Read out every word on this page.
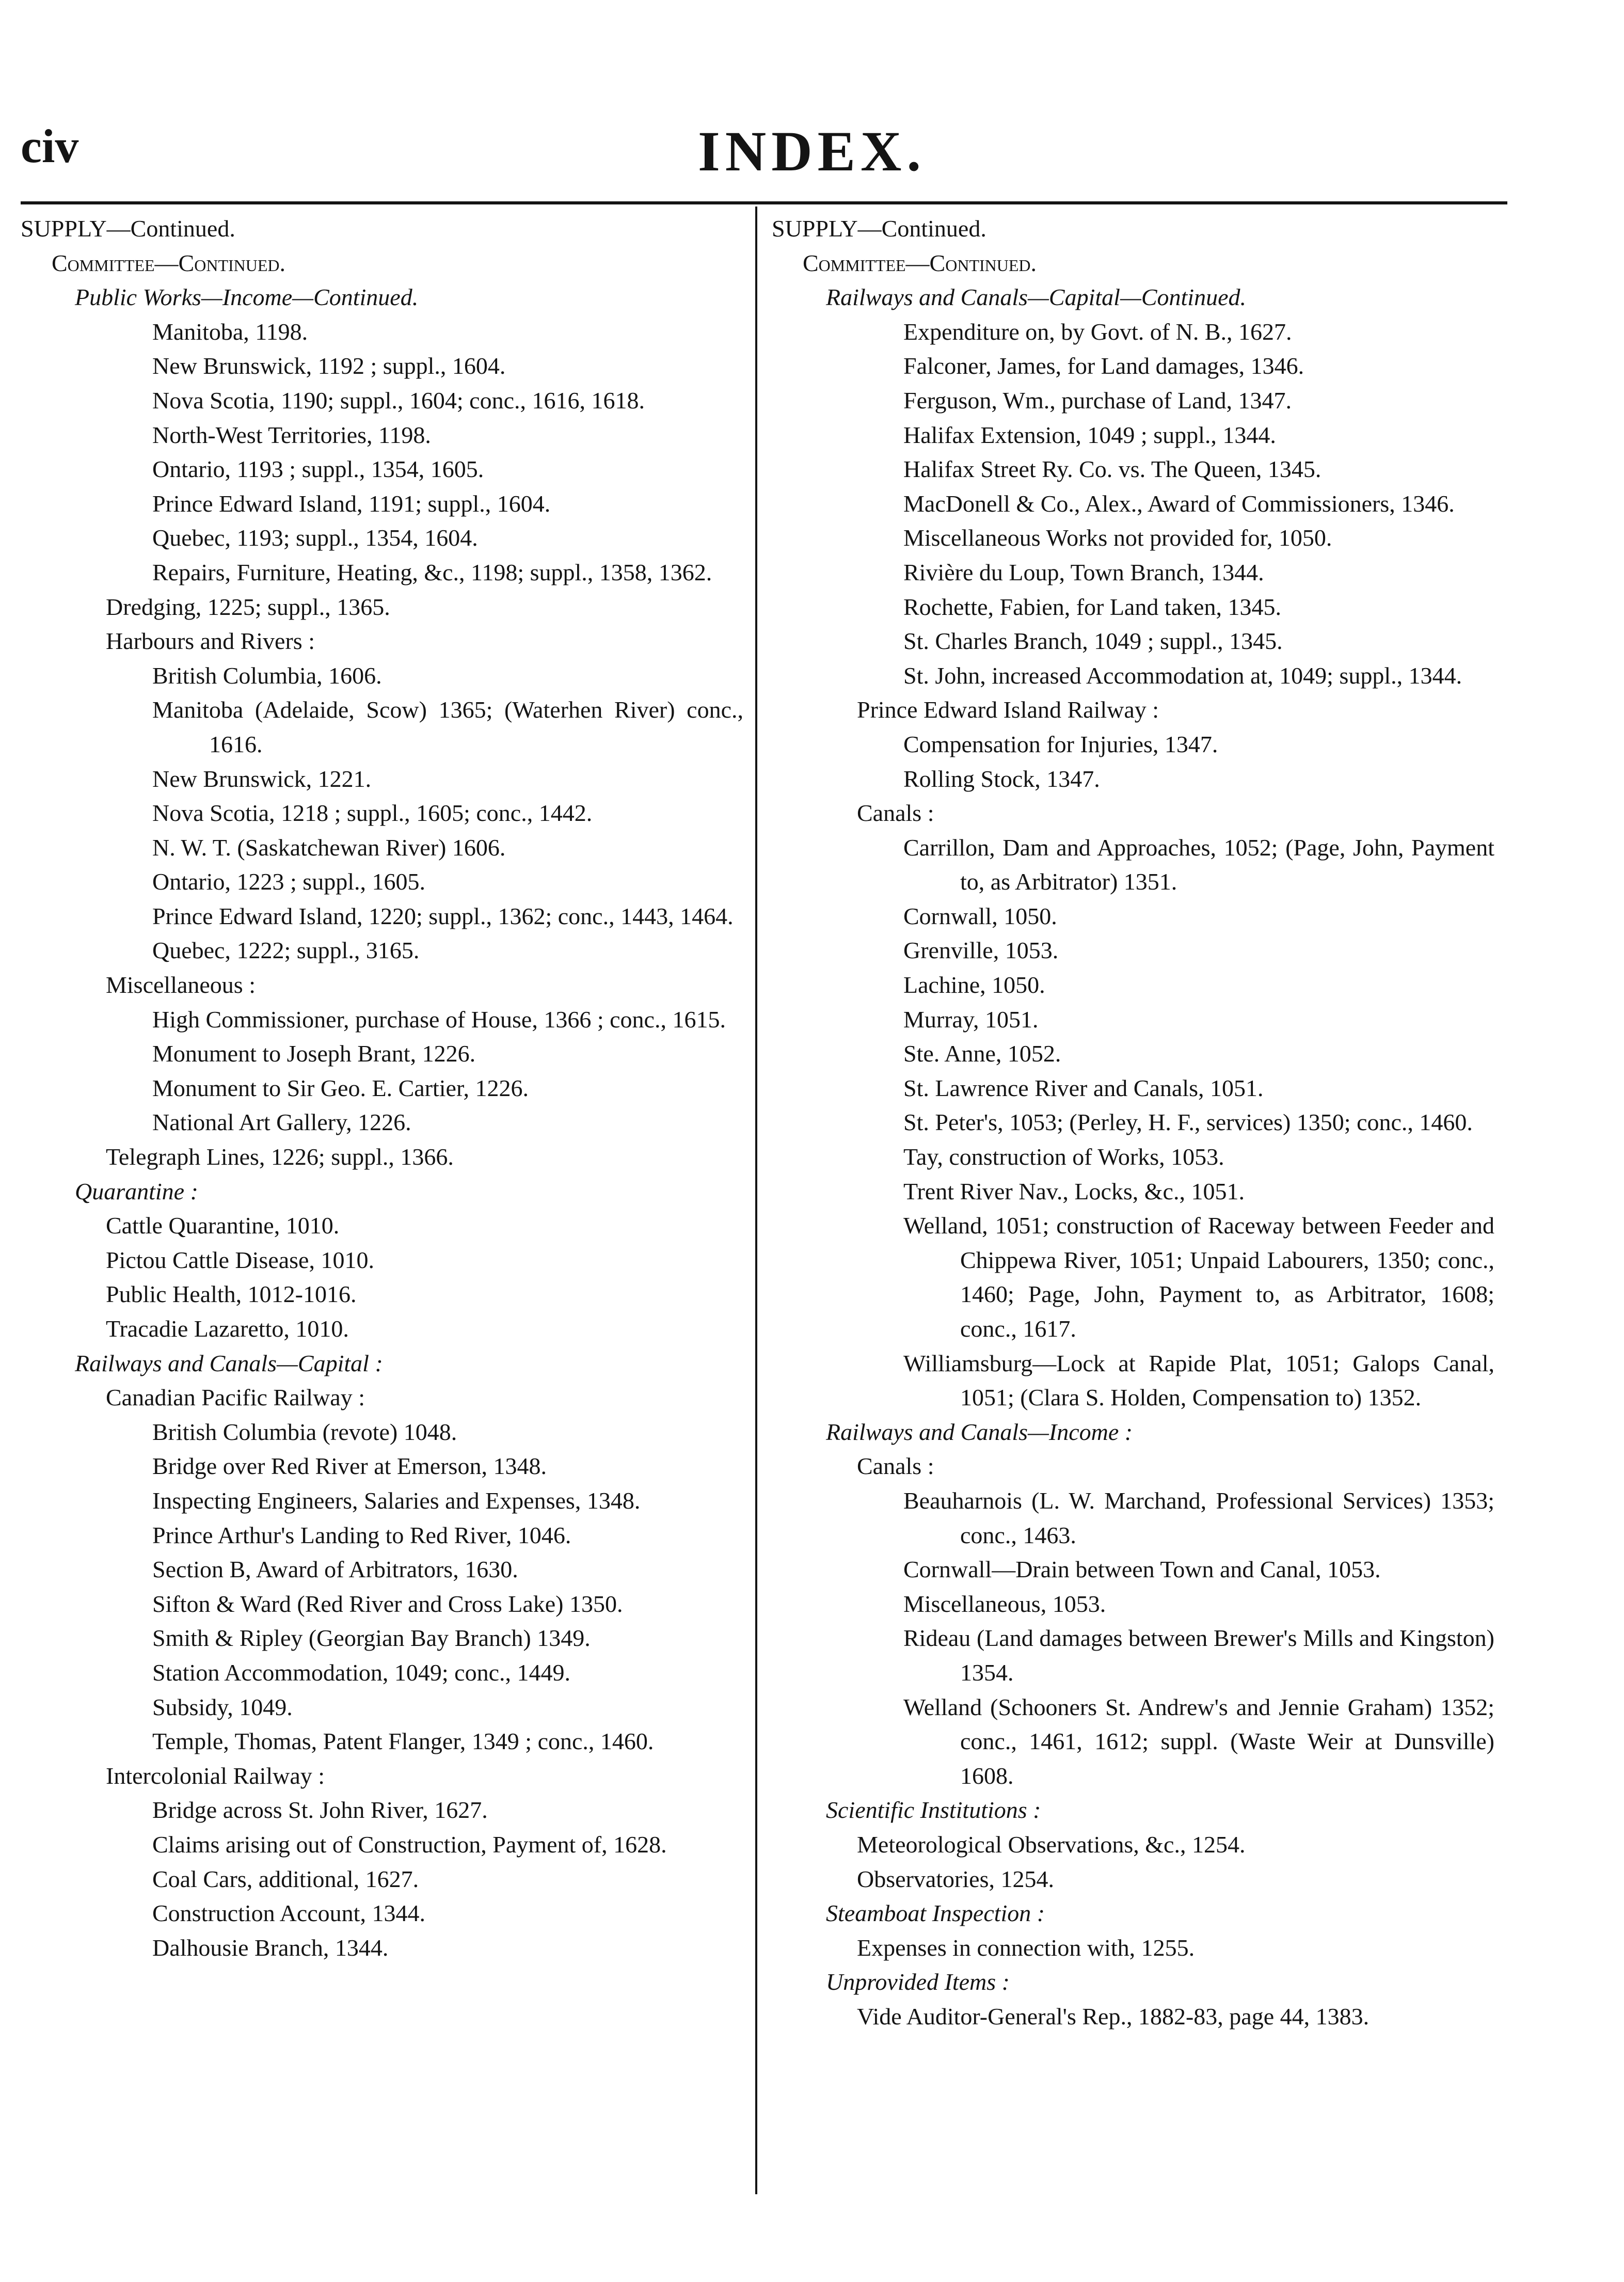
civ	INDEX.
SUPPLY—Continued.
Committee—Continued.
Public Works—Income—Continued.
Manitoba, 1198.
New Brunswick, 1192 ; suppl., 1604.
Nova Scotia, 1190; suppl., 1604; conc., 1616, 1618.
North-West Territories, 1198.
Ontario, 1193 ; suppl., 1354, 1605.
Prince Edward Island, 1191; suppl., 1604.
Quebec, 1193; suppl., 1354, 1604.
Repairs, Furniture, Heating, &c., 1198; suppl., 1358, 1362.
Dredging, 1225; suppl., 1365.
Harbours and Rivers :
British Columbia, 1606.
Manitoba (Adelaide, Scow) 1365; (Waterhen River) conc., 1616.
New Brunswick, 1221.
Nova Scotia, 1218 ; suppl., 1605; conc., 1442.
N. W. T. (Saskatchewan River) 1606.
Ontario, 1223 ; suppl., 1605.
Prince Edward Island, 1220; suppl., 1362; conc., 1443, 1464.
Quebec, 1222; suppl., 3165.
Miscellaneous :
High Commissioner, purchase of House, 1366 ; conc., 1615.
Monument to Joseph Brant, 1226.
Monument to Sir Geo. E. Cartier, 1226.
National Art Gallery, 1226.
Telegraph Lines, 1226; suppl., 1366.
Quarantine :
Cattle Quarantine, 1010.
Pictou Cattle Disease, 1010.
Public Health, 1012-1016.
Tracadie Lazaretto, 1010.
Railways and Canals—Capital :
Canadian Pacific Railway :
British Columbia (revote) 1048.
Bridge over Red River at Emerson, 1348.
Inspecting Engineers, Salaries and Expenses, 1348.
Prince Arthur's Landing to Red River, 1046.
Section B, Award of Arbitrators, 1630.
Sifton & Ward (Red River and Cross Lake) 1350.
Smith & Ripley (Georgian Bay Branch) 1349.
Station Accommodation, 1049; conc., 1449.
Subsidy, 1049.
Temple, Thomas, Patent Flanger, 1349 ; conc., 1460.
Intercolonial Railway :
Bridge across St. John River, 1627.
Claims arising out of Construction, Payment of, 1628.
Coal Cars, additional, 1627.
Construction Account, 1344.
Dalhousie Branch, 1344.
SUPPLY—Continued.
Committee—Continued.
Railways and Canals—Capital—Continued.
Expenditure on, by Govt. of N. B., 1627.
Falconer, James, for Land damages, 1346.
Ferguson, Wm., purchase of Land, 1347.
Halifax Extension, 1049 ; suppl., 1344.
Halifax Street Ry. Co. vs. The Queen, 1345.
MacDonell & Co., Alex., Award of Commissioners, 1346.
Miscellaneous Works not provided for, 1050.
Rivière du Loup, Town Branch, 1344.
Rochette, Fabien, for Land taken, 1345.
St. Charles Branch, 1049 ; suppl., 1345.
St. John, increased Accommodation at, 1049; suppl., 1344.
Prince Edward Island Railway :
Compensation for Injuries, 1347.
Rolling Stock, 1347.
Canals :
Carrillon, Dam and Approaches, 1052; (Page, John, Payment to, as Arbitrator) 1351.
Cornwall, 1050.
Grenville, 1053.
Lachine, 1050.
Murray, 1051.
Ste. Anne, 1052.
St. Lawrence River and Canals, 1051.
St. Peter's, 1053; (Perley, H. F., services) 1350; conc., 1460.
Tay, construction of Works, 1053.
Trent River Nav., Locks, &c., 1051.
Welland, 1051; construction of Raceway between Feeder and Chippewa River, 1051; Unpaid Labourers, 1350; conc., 1460; Page, John, Payment to, as Arbitrator, 1608; conc., 1617.
Williamsburg—Lock at Rapide Plat, 1051; Galops Canal, 1051; (Clara S. Holden, Compensation to) 1352.
Railways and Canals—Income :
Canals :
Beauharnois (L. W. Marchand, Professional Services) 1353; conc., 1463.
Cornwall—Drain between Town and Canal, 1053.
Miscellaneous, 1053.
Rideau (Land damages between Brewer's Mills and Kingston) 1354.
Welland (Schooners St. Andrew's and Jennie Graham) 1352; conc., 1461, 1612; suppl. (Waste Weir at Dunsville) 1608.
Scientific Institutions :
Meteorological Observations, &c., 1254.
Observatories, 1254.
Steamboat Inspection :
Expenses in connection with, 1255.
Unprovided Items :
Vide Auditor-General's Rep., 1882-83, page 44, 1383.
